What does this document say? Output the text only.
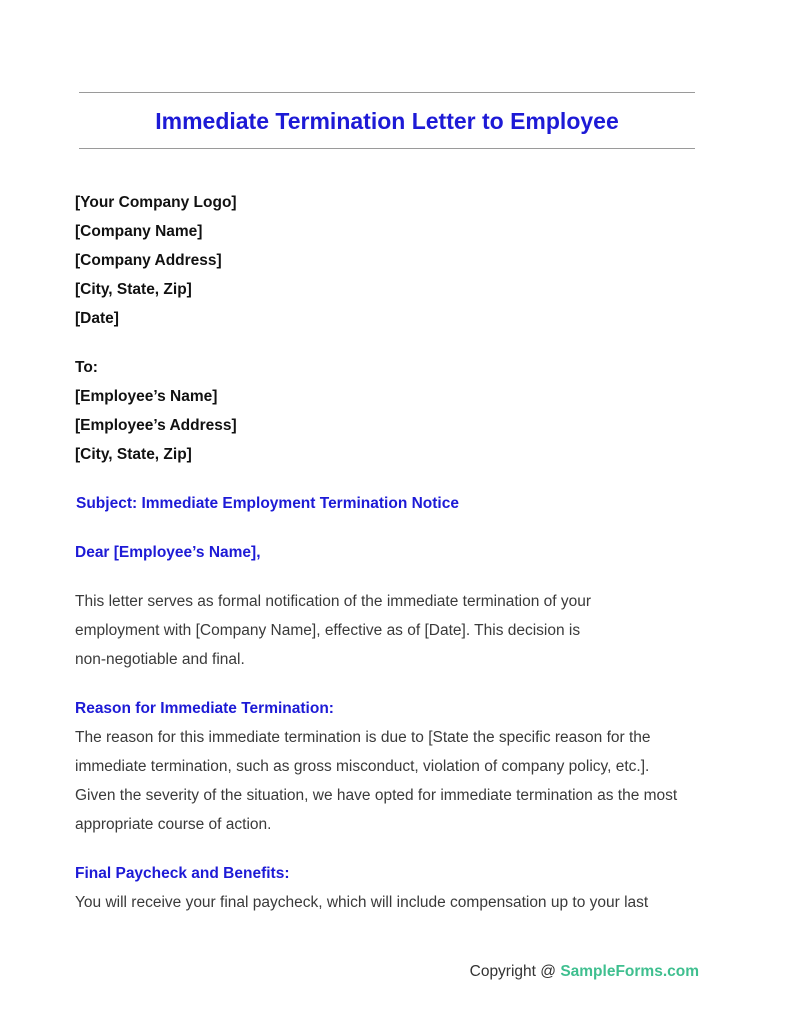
Immediate Termination Letter to Employee
[Your Company Logo]
[Company Name]
[Company Address]
[City, State, Zip]
[Date]
To:
[Employee’s Name]
[Employee’s Address]
[City, State, Zip]
Subject: Immediate Employment Termination Notice
Dear [Employee’s Name],
This letter serves as formal notification of the immediate termination of your
employment with [Company Name], effective as of [Date]. This decision is
non-negotiable and final.
Reason for Immediate Termination:
The reason for this immediate termination is due to [State the specific reason for the
immediate termination, such as gross misconduct, violation of company policy, etc.].
Given the severity of the situation, we have opted for immediate termination as the most
appropriate course of action.
Final Paycheck and Benefits:
You will receive your final paycheck, which will include compensation up to your last
Copyright @ SampleForms.com
